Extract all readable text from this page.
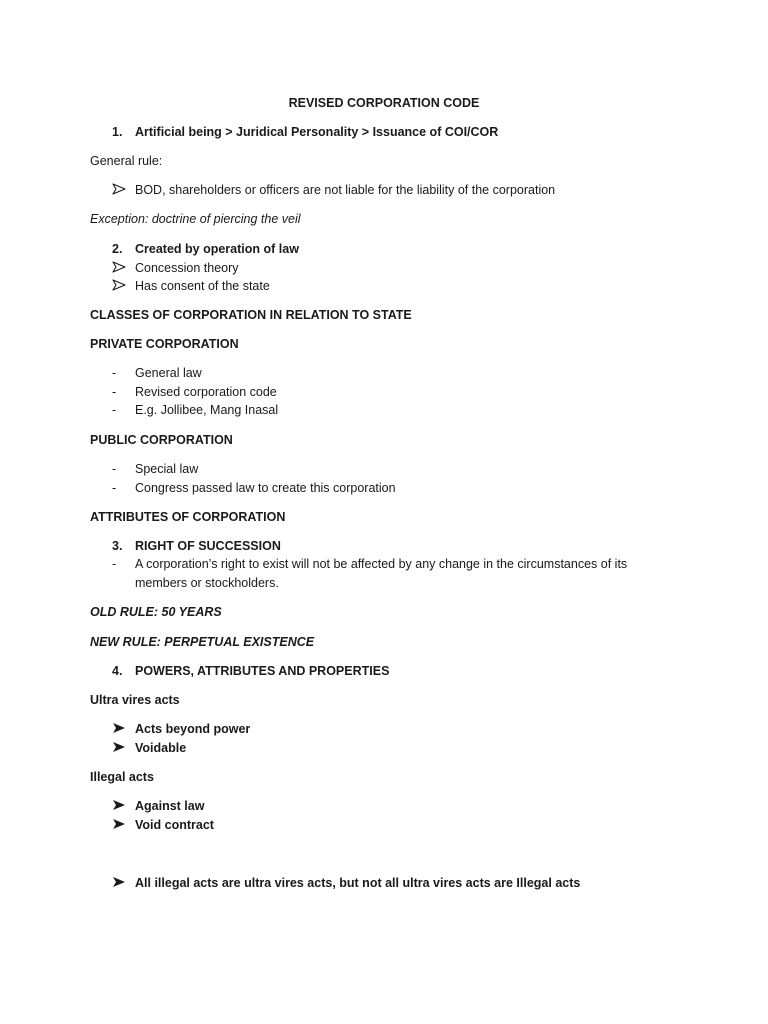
REVISED CORPORATION CODE
1. Artificial being > Juridical Personality > Issuance of COI/COR
General rule:
BOD, shareholders or officers are not liable for the liability of the corporation
Exception: doctrine of piercing the veil
2. Created by operation of law
Concession theory
Has consent of the state
CLASSES OF CORPORATION IN RELATION TO STATE
PRIVATE CORPORATION
- General law
- Revised corporation code
- E.g. Jollibee, Mang Inasal
PUBLIC CORPORATION
- Special law
- Congress passed law to create this corporation
ATTRIBUTES OF CORPORATION
3. RIGHT OF SUCCESSION
- A corporation’s right to exist will not be affected by any change in the circumstances of its
members or stockholders.
OLD RULE: 50 YEARS
NEW RULE: PERPETUAL EXISTENCE
4. POWERS, ATTRIBUTES AND PROPERTIES
Ultra vires acts
Acts beyond power
Voidable
Illegal acts
Against law
Void contract
All illegal acts are ultra vires acts, but not all ultra vires acts are Illegal acts
